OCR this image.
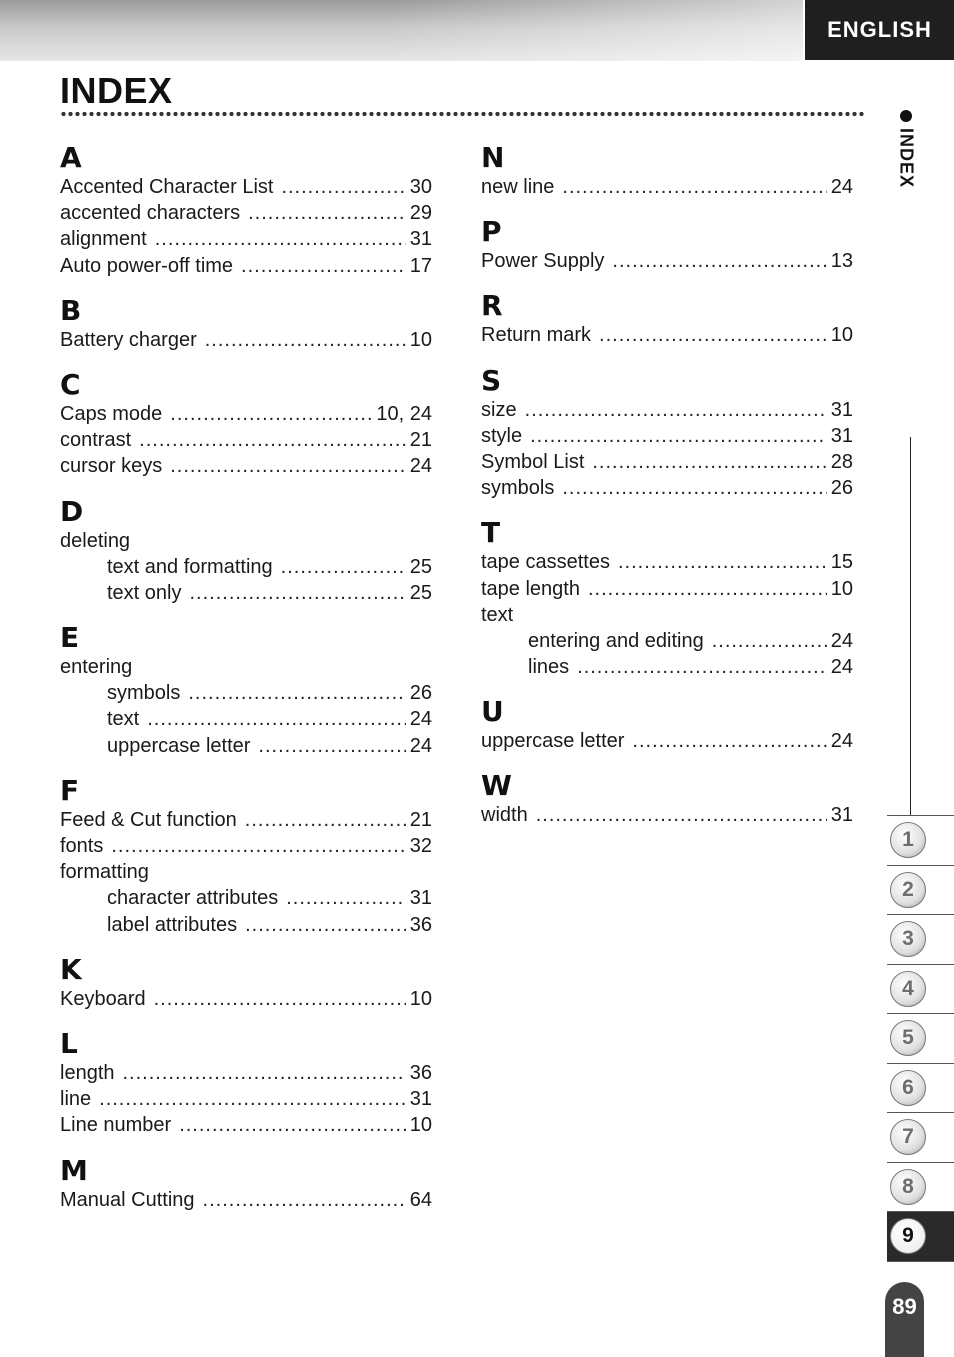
ENGLISH
INDEX
A
Accented Character List .....	30
accented characters .....	29
alignment .....	31
Auto power-off time .....	17
B
Battery charger .....	10
C
Caps mode .....	10, 24
contrast .....	21
cursor keys .....	24
D
deleting
text and formatting .....	25
text only .....	25
E
entering
symbols .....	26
text .....	24
uppercase letter .....	24
F
Feed & Cut function .....	21
fonts .....	32
formatting
character attributes .....	31
label attributes .....	36
K
Keyboard .....	10
L
length .....	36
line .....	31
Line number .....	10
M
Manual Cutting .....	64
N
new line .....	24
P
Power Supply .....	13
R
Return mark .....	10
S
size .....	31
style .....	31
Symbol List .....	28
symbols .....	26
T
tape cassettes .....	15
tape length .....	10
text
entering and editing .....	24
lines .....	24
U
uppercase letter .....	24
W
width .....	31
INDEX
1
2
3
4
5
6
7
8
9
89
